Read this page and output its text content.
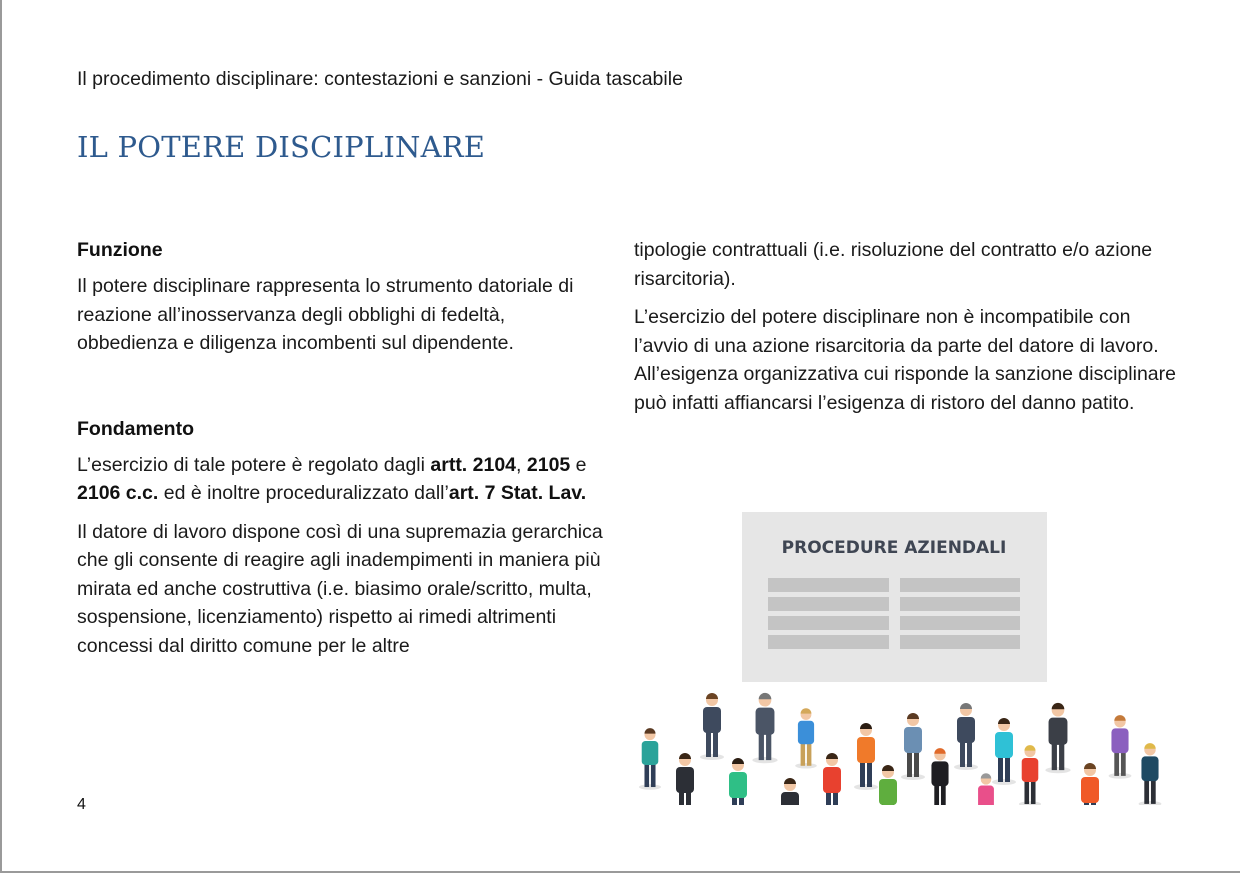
Il procedimento disciplinare: contestazioni e sanzioni - Guida tascabile
IL POTERE DISCIPLINARE
Funzione

Il potere disciplinare rappresenta lo strumento datoriale di reazione all’inosservanza degli obblighi di fedeltà, obbedienza e diligenza incombenti sul dipendente.

Fondamento

L’esercizio di tale potere è regolato dagli artt. 2104, 2105 e 2106 c.c. ed è inoltre proceduralizzato dall’art. 7 Stat. Lav.

Il datore di lavoro dispone così di una supremazia gerarchica che gli consente di reagire agli inadempimenti in maniera più mirata ed anche costruttiva (i.e. biasimo orale/scritto, multa, sospensione, licenziamento) rispetto ai rimedi altrimenti concessi dal diritto comune per le altre

tipologie contrattuali (i.e. risoluzione del contratto e/o azione risarcitoria).

L’esercizio del potere disciplinare non è incompatibile con l’avvio di una azione risarcitoria da parte del datore di lavoro. All’esigenza organizzativa cui risponde la sanzione disciplinare può infatti affiancarsi l’esigenza di ristoro del danno patito.

PROCEDURE AZIENDALI
4
